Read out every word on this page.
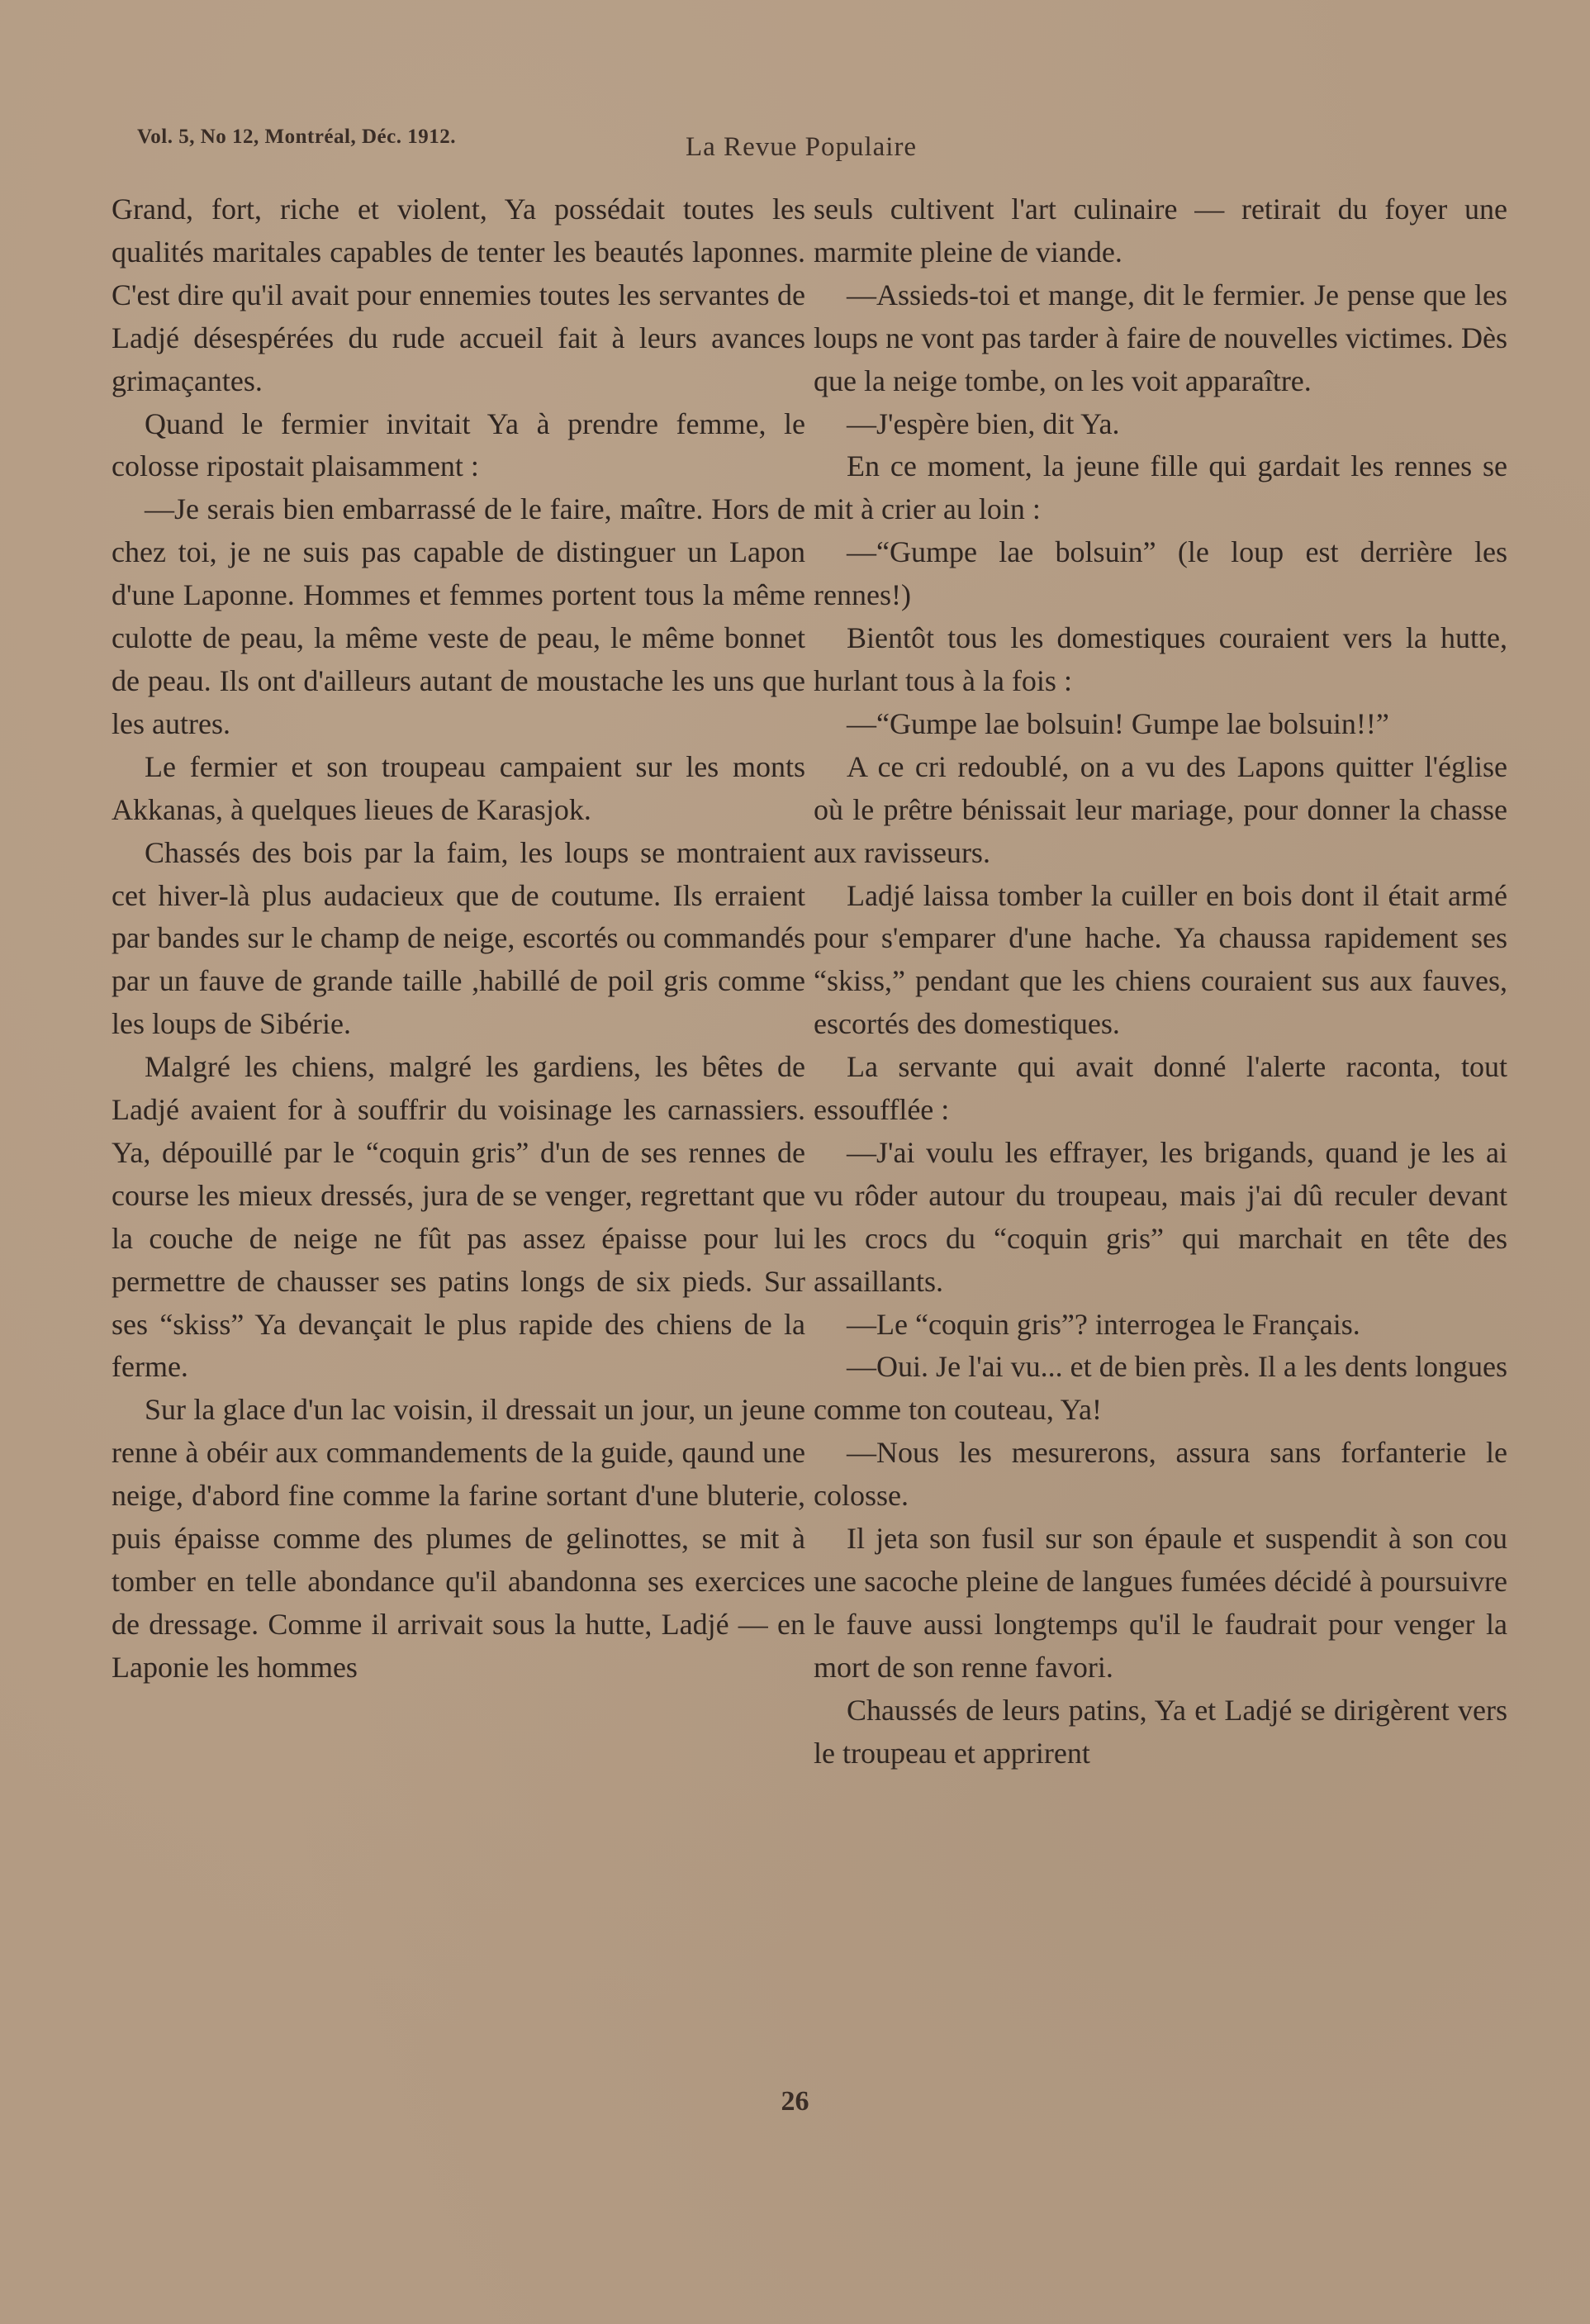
Vol. 5, No 12, Montréal, Déc. 1912.	La Revue Populaire

Grand, fort, riche et violent, Ya possédait toutes les qualités maritales capables de tenter les beautés laponnes. C'est dire qu'il avait pour ennemies toutes les servantes de Ladjé désespérées du rude accueil fait à leurs avances grimaçantes.

Quand le fermier invitait Ya à prendre femme, le colosse ripostait plaisamment :

—Je serais bien embarrassé de le faire, maître. Hors de chez toi, je ne suis pas capable de distinguer un Lapon d'une Laponne. Hommes et femmes portent tous la même culotte de peau, la même veste de peau, le même bonnet de peau. Ils ont d'ailleurs autant de moustache les uns que les autres.

Le fermier et son troupeau campaient sur les monts Akkanas, à quelques lieues de Karasjok.

Chassés des bois par la faim, les loups se montraient cet hiver-là plus audacieux que de coutume. Ils erraient par bandes sur le champ de neige, escortés ou commandés par un fauve de grande taille ,habillé de poil gris comme les loups de Sibérie.

Malgré les chiens, malgré les gardiens, les bêtes de Ladjé avaient for à souffrir du voisinage les carnassiers. Ya, dépouillé par le “coquin gris” d'un de ses rennes de course les mieux dressés, jura de se venger, regrettant que la couche de neige ne fût pas assez épaisse pour lui permettre de chausser ses patins longs de six pieds. Sur ses “skiss” Ya devançait le plus rapide des chiens de la ferme.

Sur la glace d'un lac voisin, il dressait un jour, un jeune renne à obéir aux commandements de la guide, qaund une neige, d'abord fine comme la farine sortant d'une bluterie, puis épaisse comme des plumes de gelinottes, se mit à tomber en telle abondance qu'il abandonna ses exercices de dressage. Comme il arrivait sous la hutte, Ladjé — en Laponie les hommes

seuls cultivent l'art culinaire — retirait du foyer une marmite pleine de viande.

—Assieds-toi et mange, dit le fermier. Je pense que les loups ne vont pas tarder à faire de nouvelles victimes. Dès que la neige tombe, on les voit apparaître.

—J'espère bien, dit Ya.

En ce moment, la jeune fille qui gardait les rennes se mit à crier au loin :

—“Gumpe lae bolsuin” (le loup est derrière les rennes!)

Bientôt tous les domestiques couraient vers la hutte, hurlant tous à la fois :

—“Gumpe lae bolsuin! Gumpe lae bolsuin!!”

A ce cri redoublé, on a vu des Lapons quitter l'église où le prêtre bénissait leur mariage, pour donner la chasse aux ravisseurs.

Ladjé laissa tomber la cuiller en bois dont il était armé pour s'emparer d'une hache. Ya chaussa rapidement ses “skiss,” pendant que les chiens couraient sus aux fauves, escortés des domestiques.

La servante qui avait donné l'alerte raconta, tout essoufflée :

—J'ai voulu les effrayer, les brigands, quand je les ai vu rôder autour du troupeau, mais j'ai dû reculer devant les crocs du “coquin gris” qui marchait en tête des assaillants.

—Le “coquin gris”? interrogea le Français.

—Oui. Je l'ai vu... et de bien près. Il a les dents longues comme ton couteau, Ya!

—Nous les mesurerons, assura sans forfanterie le colosse.

Il jeta son fusil sur son épaule et suspendit à son cou une sacoche pleine de langues fumées décidé à poursuivre le fauve aussi longtemps qu'il le faudrait pour venger la mort de son renne favori.

Chaussés de leurs patins, Ya et Ladjé se dirigèrent vers le troupeau et apprirent

26
